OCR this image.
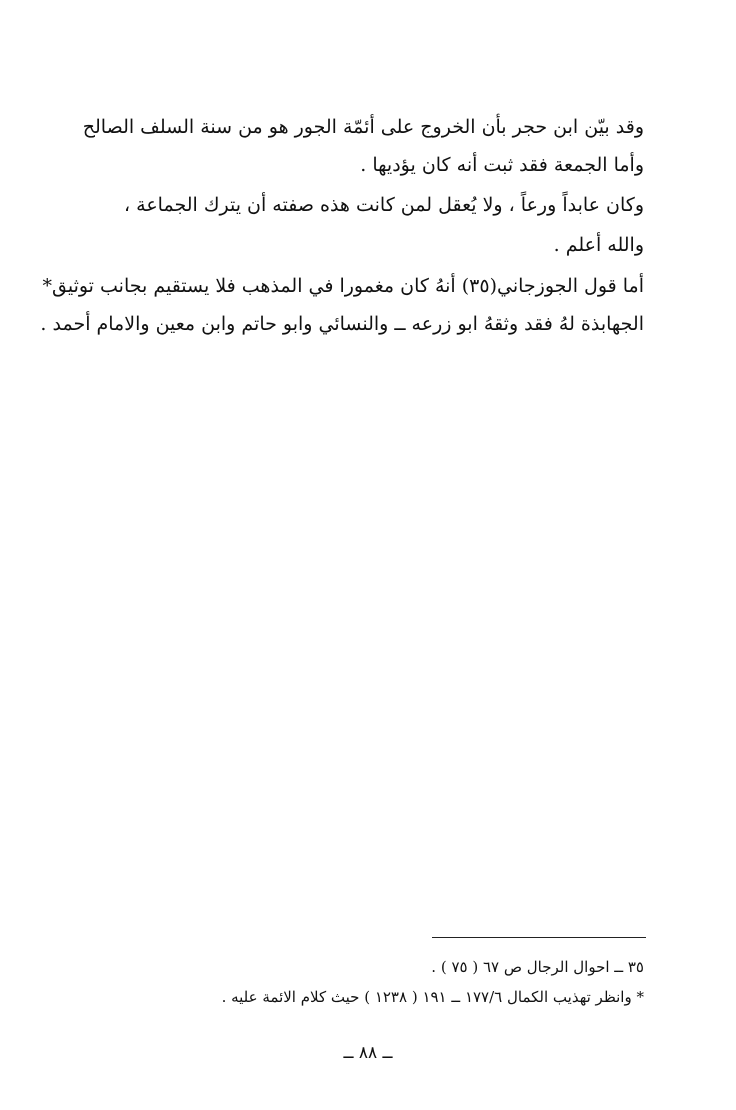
وقد بيّن ابن حجر بأن الخروج على أئمّة الجور هو من سنة السلف الصالح
وأما الجمعة فقد ثبت أنه كان يؤديها .
وكان عابداً ورعاً ، ولا يُعقل لمن كانت هذه صفته أن يترك الجماعة ،
والله أعلم .
أما قول الجوزجاني(٣٥) أنهُ كان مغمورا في المذهب فلا يستقيم بجانب توثيق*
الجهابذة لهُ فقد وثقهُ ابو زرعه ــ والنسائي وابو حاتم وابن معين والامام أحمد .
٣٥ ــ احوال الرجال ص ٦٧ ( ٧٥ ) .
* وانظر تهذيب الكمال ١٧٧/٦ ــ ١٩١ ( ١٢٣٨ ) حيث كلام الائمة عليه .
ــ ٨٨ ــ
